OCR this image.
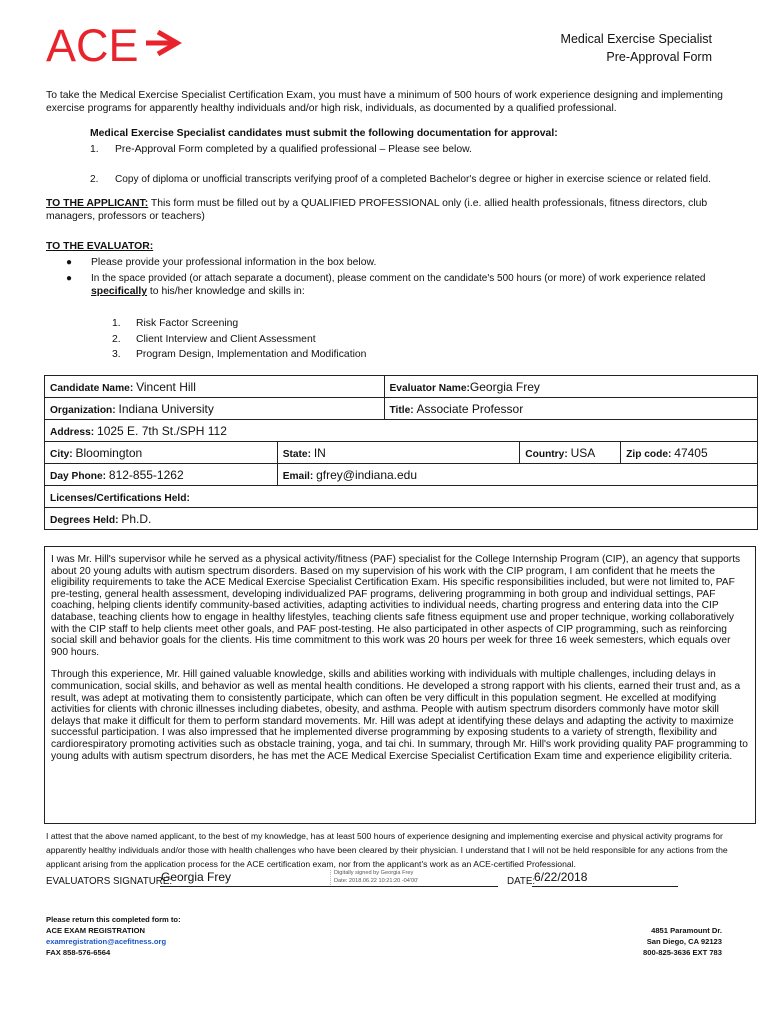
ACE	Medical Exercise Specialist
Pre-Approval Form
To take the Medical Exercise Specialist Certification Exam, you must have a minimum of 500 hours of work experience designing and implementing exercise programs for apparently healthy individuals and/or high risk, individuals, as documented by a qualified professional.
Medical Exercise Specialist candidates must submit the following documentation for approval:
1. Pre-Approval Form completed by a qualified professional – Please see below.
2. Copy of diploma or unofficial transcripts verifying proof of a completed Bachelor's degree or higher in exercise science or related field.
TO THE APPLICANT: This form must be filled out by a QUALIFIED PROFESSIONAL only (i.e. allied health professionals, fitness directors, club managers, professors or teachers)
TO THE EVALUATOR:
● Please provide your professional information in the box below.
● In the space provided (or attach separate a document), please comment on the candidate's 500 hours (or more) of work experience related
specifically to his/her knowledge and skills in:
1. Risk Factor Screening
2. Client Interview and Client Assessment
3. Program Design, Implementation and Modification
Candidate Name: Vincent Hill		Evaluator Name:Georgia Frey		
Organization: Indiana University		Title: Associate Professor		
Address: 1025 E. 7th St./SPH 112				
City: Bloomington	State: IN		Country: USA	Zip code: 47405
Day Phone: 812-855-1262	Email: gfrey@indiana.edu			
Licenses/Certifications Held:				
Degrees Held: Ph.D.				

I was Mr. Hill's supervisor while he served as a physical activity/fitness (PAF) specialist for the College Internship Program (CIP), an agency that supports about 20 young adults with autism spectrum disorders. Based on my supervision of his work with the CIP program, I am confident that he meets the eligibility requirements to take the ACE Medical Exercise Specialist Certification Exam. His specific responsibilities included, but were not limited to, PAF pre-testing, general health assessment, developing individualized PAF programs, delivering programming in both group and individual settings, PAF coaching, helping clients identify community-based activities, adapting activities to individual needs, charting progress and entering data into the CIP database, teaching clients how to engage in healthy lifestyles, teaching clients safe fitness equipment use and proper technique, working collaboratively with the CIP staff to help clients meet other goals, and PAF post-testing. He also participated in other aspects of CIP programming, such as reinforcing social skill and behavior goals for the clients. His time commitment to this work was 20 hours per week for three 16 week semesters, which equals over 900 hours.

Through this experience, Mr. Hill gained valuable knowledge, skills and abilities working with individuals with multiple challenges, including delays in communication, social skills, and behavior as well as mental health conditions. He developed a strong rapport with his clients, earned their trust and, as a result, was adept at motivating them to consistently participate, which can often be very difficult in this population segment. He excelled at modifying activities for clients with chronic illnesses including diabetes, obesity, and asthma. People with autism spectrum disorders commonly have motor skill delays that make it difficult for them to perform standard movements. Mr. Hill was adept at identifying these delays and adapting the activity to maximize successful participation. I was also impressed that he implemented diverse programming by exposing students to a variety of strength, flexibility and cardiorespiratory promoting activities such as obstacle training, yoga, and tai chi. In summary, through Mr. Hill's work providing quality PAF programming to young adults with autism spectrum disorders, he has met the ACE Medical Exercise Specialist Certification Exam time and experience eligibility criteria.

I attest that the above named applicant, to the best of my knowledge, has at least 500 hours of experience designing and implementing exercise and physical activity programs for apparently healthy individuals and/or those with health challenges who have been cleared by their physician. I understand that I will not be held responsible for any actions from the applicant arising from the application process for the ACE certification exam, nor from the applicant's work as an ACE-certified Professional.
EVALUATORS SIGNATURE:
Georgia Frey	Digitally signed by Georgia Frey
Date: 2018.06.22 10:21:20 -04'00'	DATE:
6/22/2018
Please return this completed form to:
ACE EXAM REGISTRATION
examregistration@acefitness.org
FAX 858-576-6564
4851 Paramount Dr.
San Diego, CA 92123
800-825-3636 EXT 783
